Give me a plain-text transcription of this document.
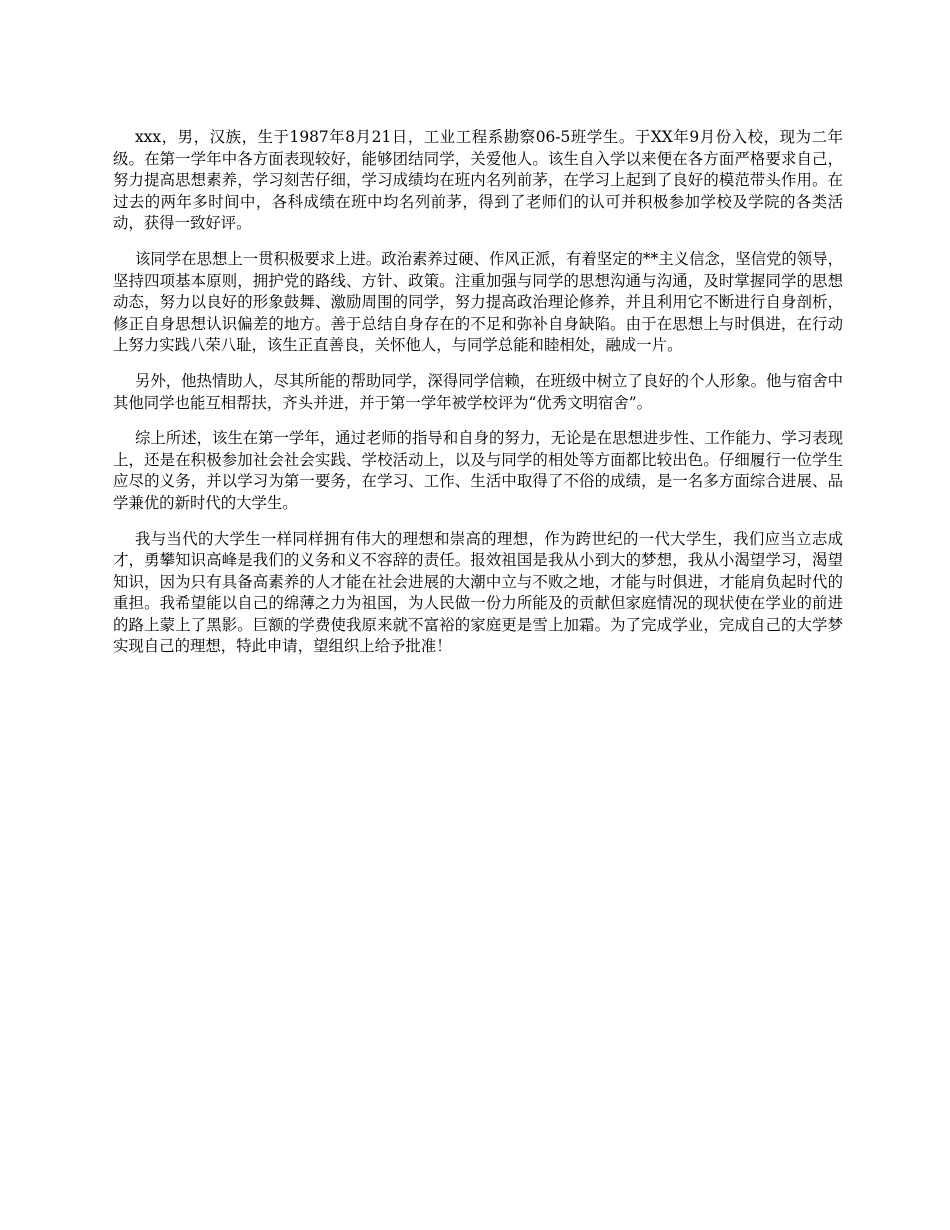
xxx，男，汉族，生于1987年8月21日，工业工程系勘察06-5班学生。于XX年9月份入校，现为二年级。在第一学年中各方面表现较好，能够团结同学，关爱他人。该生自入学以来便在各方面严格要求自己，努力提高思想素养，学习刻苦仔细，学习成绩均在班内名列前茅，在学习上起到了良好的模范带头作用。在过去的两年多时间中，各科成绩在班中均名列前茅，得到了老师们的认可并积极参加学校及学院的各类活动，获得一致好评。

该同学在思想上一贯积极要求上进。政治素养过硬、作风正派，有着坚定的**主义信念，坚信党的领导，坚持四项基本原则，拥护党的路线、方针、政策。注重加强与同学的思想沟通与沟通，及时掌握同学的思想动态，努力以良好的形象鼓舞、激励周围的同学，努力提高政治理论修养，并且利用它不断进行自身剖析，修正自身思想认识偏差的地方。善于总结自身存在的不足和弥补自身缺陷。由于在思想上与时俱进，在行动上努力实践八荣八耻，该生正直善良，关怀他人，与同学总能和睦相处，融成一片。

另外，他热情助人，尽其所能的帮助同学，深得同学信赖，在班级中树立了良好的个人形象。他与宿舍中其他同学也能互相帮扶，齐头并进，并于第一学年被学校评为“优秀文明宿舍”。

综上所述，该生在第一学年，通过老师的指导和自身的努力，无论是在思想进步性、工作能力、学习表现上，还是在积极参加社会社会实践、学校活动上，以及与同学的相处等方面都比较出色。仔细履行一位学生应尽的义务，并以学习为第一要务，在学习、工作、生活中取得了不俗的成绩，是一名多方面综合进展、品学兼优的新时代的大学生。

我与当代的大学生一样同样拥有伟大的理想和崇高的理想，作为跨世纪的一代大学生，我们应当立志成才，勇攀知识高峰是我们的义务和义不容辞的责任。报效祖国是我从小到大的梦想，我从小渴望学习，渴望知识，因为只有具备高素养的人才能在社会进展的大潮中立与不败之地，才能与时俱进，才能肩负起时代的重担。我希望能以自己的绵薄之力为祖国，为人民做一份力所能及的贡献但家庭情况的现状使在学业的前进的路上蒙上了黑影。巨额的学费使我原来就不富裕的家庭更是雪上加霜。为了完成学业，完成自己的大学梦实现自己的理想，特此申请，望组织上给予批准！
